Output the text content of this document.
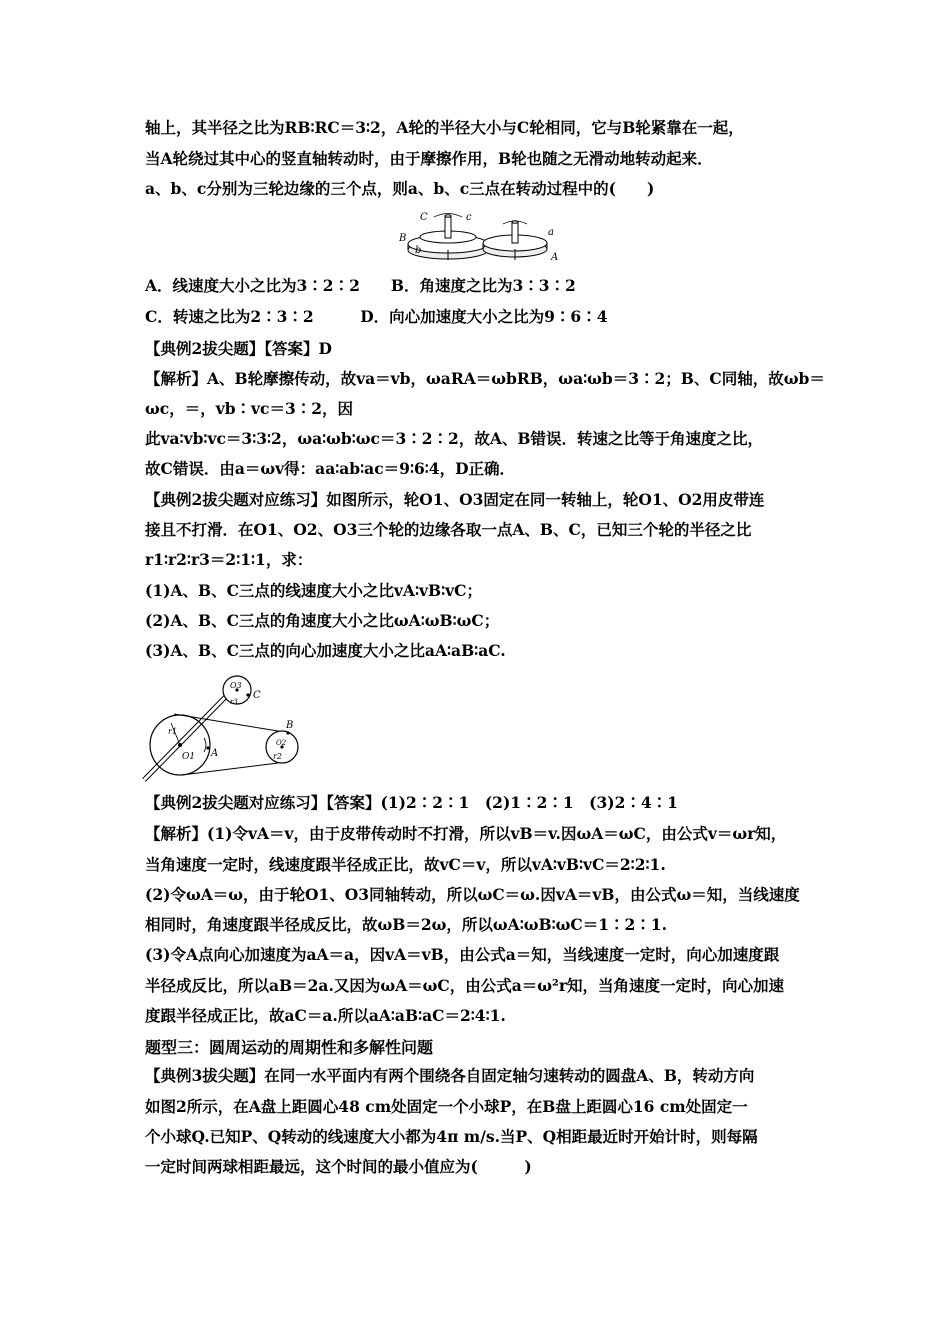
轴上，其半径之比为RB∶RC＝3∶2，A轮的半径大小与C轮相同，它与B轮紧靠在一起，
当A轮绕过其中心的竖直轴转动时，由于摩擦作用，B轮也随之无滑动地转动起来．
a、b、c分别为三轮边缘的三个点，则a、b、c三点在转动过程中的(　　)
C	c
B
b
a
A
A．线速度大小之比为3∶2∶2　　B．角速度之比为3∶3∶2
C．转速之比为2∶3∶2　　　D．向心加速度大小之比为9∶6∶4
【典例2拔尖题】【答案】D
【解析】A、B轮摩擦传动，故va＝vb，ωaRA＝ωbRB，ωa∶ωb＝3∶2；B、C同轴，故ωb＝
ωc，＝，vb∶vc＝3∶2，因
此va∶vb∶vc＝3∶3∶2，ωa∶ωb∶ωc＝3∶2∶2，故A、B错误．转速之比等于角速度之比，
故C错误．由a＝ωv得：aa∶ab∶ac＝9∶6∶4，D正确．
【典例2拔尖题对应练习】如图所示，轮O1、O3固定在同一转轴上，轮O1、O2用皮带连
接且不打滑．在O1、O2、O3三个轮的边缘各取一点A、B、C，已知三个轮的半径之比
r1∶r2∶r3＝2∶1∶1，求：
(1)A、B、C三点的线速度大小之比vA∶vB∶vC；
(2)A、B、C三点的角速度大小之比ωA∶ωB∶ωC；
(3)A、B、C三点的向心加速度大小之比aA∶aB∶aC.
O3
C
r3
r1
O1 A
B
O2
r2
【典例2拔尖题对应练习】【答案】(1)2∶2∶1　(2)1∶2∶1　(3)2∶4∶1
【解析】(1)令vA＝v，由于皮带传动时不打滑，所以vB＝v.因ωA＝ωC，由公式v＝ωr知，
当角速度一定时，线速度跟半径成正比，故vC＝v，所以vA∶vB∶vC＝2∶2∶1.
(2)令ωA＝ω，由于轮O1、O3同轴转动，所以ωC＝ω.因vA＝vB，由公式ω＝知，当线速度
相同时，角速度跟半径成反比，故ωB＝2ω，所以ωA∶ωB∶ωC＝1∶2∶1.
(3)令A点向心加速度为aA＝a，因vA＝vB，由公式a＝知，当线速度一定时，向心加速度跟
半径成反比，所以aB＝2a.又因为ωA＝ωC，由公式a＝ω²r知，当角速度一定时，向心加速
度跟半径成正比，故aC＝a.所以aA∶aB∶aC＝2∶4∶1.
题型三：圆周运动的周期性和多解性问题
【典例3拔尖题】在同一水平面内有两个围绕各自固定轴匀速转动的圆盘A、B，转动方向
如图2所示，在A盘上距圆心48 cm处固定一个小球P，在B盘上距圆心16 cm处固定一
个小球Q.已知P、Q转动的线速度大小都为4π m/s.当P、Q相距最近时开始计时，则每隔
一定时间两球相距最远，这个时间的最小值应为(　　　)
